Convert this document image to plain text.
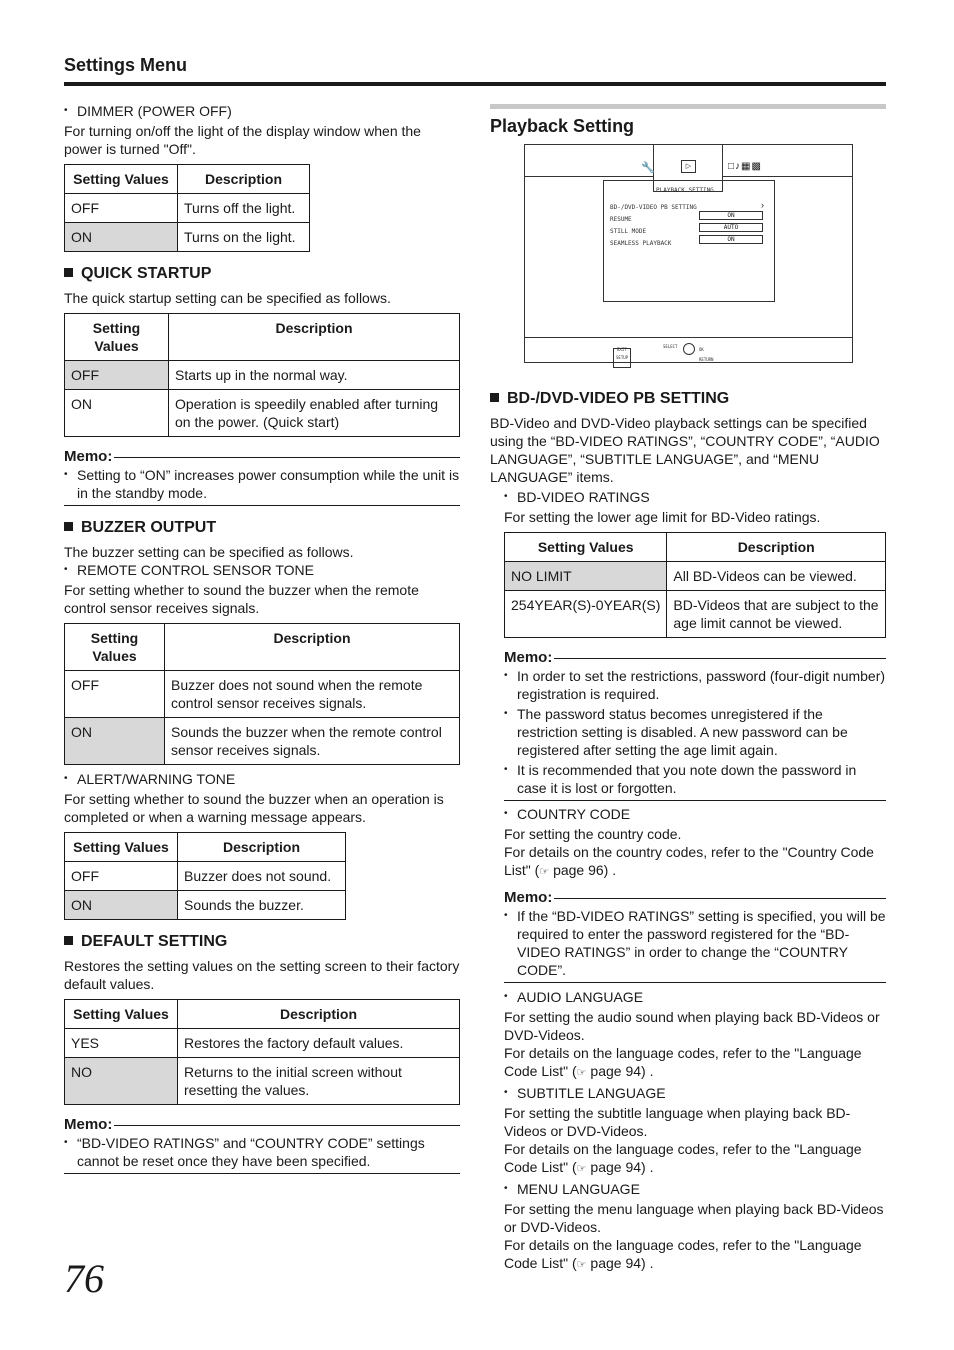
Settings Menu

• DIMMER (POWER OFF)

For turning on/off the light of the display window when the power is turned "Off".

Setting Values	Description
OFF	Turns off the light.
ON	Turns on the light.

QUICK STARTUP

The quick startup setting can be specified as follows.

Setting Values	Description
OFF	Starts up in the normal way.
ON	Operation is speedily enabled after turning on the power. (Quick start)
Memo:

• Setting to “ON” increases power consumption while the unit is in the standby mode.

BUZZER OUTPUT

The buzzer setting can be specified as follows.

• REMOTE CONTROL SENSOR TONE

For setting whether to sound the buzzer when the remote control sensor receives signals.

Setting Values	Description
OFF	Buzzer does not sound when the remote control sensor receives signals.
ON	Sounds the buzzer when the remote control sensor receives signals.

• ALERT/WARNING TONE

For setting whether to sound the buzzer when an operation is completed or when a warning message appears.

Setting Values	Description
OFF	Buzzer does not sound.
ON	Sounds the buzzer.

DEFAULT SETTING

Restores the setting values on the setting screen to their factory default values.

Setting Values	Description
YES	Restores the factory default values.
NO	Returns to the initial screen without resetting the values.
Memo:

• “BD-VIDEO RATINGS” and “COUNTRY CODE” settings cannot be reset once they have been specified.

Playback Setting
🔧	▷	□♪▦▩
PLAYBACK SETTING
BD-/DVD-VIDEO PB SETTING	›
RESUME
STILL MODE
SEAMLESS PLAYBACK
ON
AUTO
ON
EXIT
SETUP
SELECT
OK
RETURN

BD-/DVD-VIDEO PB SETTING

BD-Video and DVD-Video playback settings can be specified using the “BD-VIDEO RATINGS”, “COUNTRY CODE”, “AUDIO LANGUAGE”, “SUBTITLE LANGUAGE”, and “MENU LANGUAGE” items.

• BD-VIDEO RATINGS

For setting the lower age limit for BD-Video ratings.

Setting Values	Description
NO LIMIT	All BD-Videos can be viewed.
254YEAR(S)-0YEAR(S)	BD-Videos that are subject to the age limit cannot be viewed.
Memo:

• In order to set the restrictions, password (four-digit number) registration is required.

• The password status becomes unregistered if the restriction setting is disabled. A new password can be registered after setting the age limit again.

• It is recommended that you note down the password in case it is lost or forgotten.

• COUNTRY CODE

For setting the country code.

For details on the country codes, refer to the "Country Code List" (☞ page 96) .

Memo:

• If the “BD-VIDEO RATINGS” setting is specified, you will be required to enter the password registered for the “BD-VIDEO RATINGS” in order to change the “COUNTRY CODE”.

• AUDIO LANGUAGE

For setting the audio sound when playing back BD-Videos or DVD-Videos.

For details on the language codes, refer to the "Language Code List" (☞ page 94) .

• SUBTITLE LANGUAGE

For setting the subtitle language when playing back BD-Videos or DVD-Videos.

For details on the language codes, refer to the "Language Code List" (☞ page 94) .

• MENU LANGUAGE

For setting the menu language when playing back BD-Videos or DVD-Videos.

For details on the language codes, refer to the "Language Code List" (☞ page 94) .

76
